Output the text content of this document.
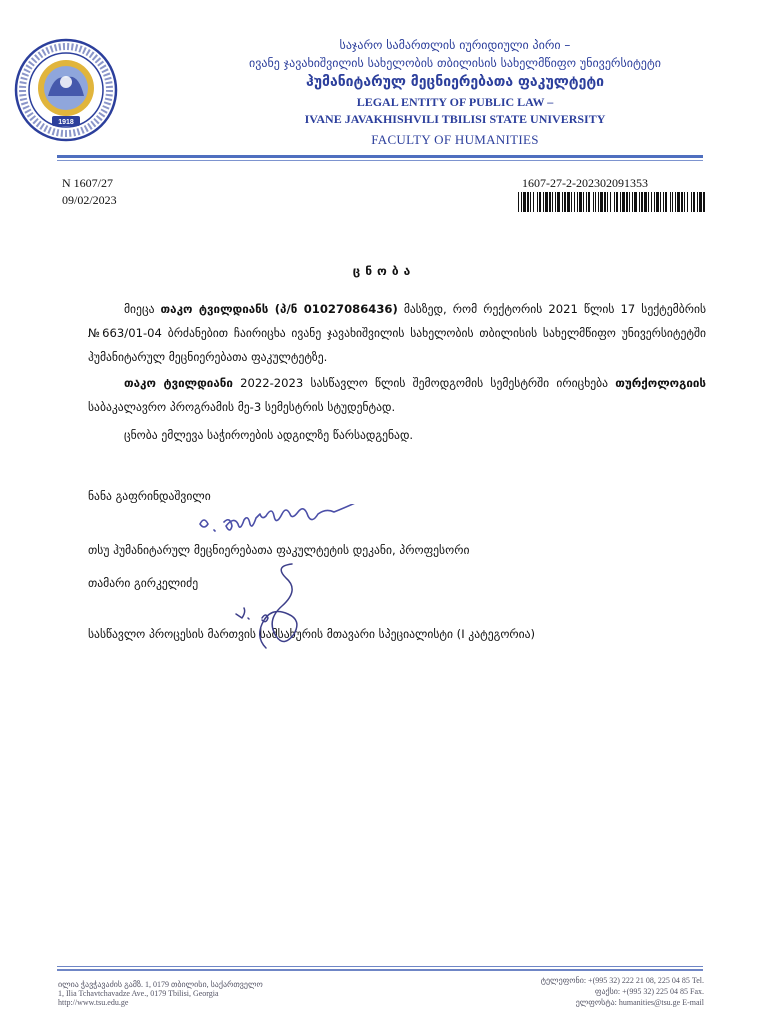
1918
საჯარო სამართლის იურიდიული პირი –
ივანე ჯავახიშვილის სახელობის თბილისის სახელმწიფო უნივერსიტეტი
ჰუმანიტარულ მეცნიერებათა ფაკულტეტი
LEGAL ENTITY OF PUBLIC LAW –
IVANE JAVAKHISHVILI TBILISI STATE UNIVERSITY
FACULTY OF HUMANITIES
N 1607/27
09/02/2023
1607-27-2-202302091353
ცნობა
მიეცა თაკო ტვილდიანს (პ/ნ 01027086436) მასზედ, რომ რექტორის 2021 წლის 17 სექტემბრის №663/01-04 ბრძანებით ჩაირიცხა ივანე ჯავახიშვილის სახელობის თბილისის სახელმწიფო უნივერსიტეტში ჰუმანიტარულ მეცნიერებათა ფაკულტეტზე.
თაკო ტვილდიანი 2022-2023 სასწავლო წლის შემოდგომის სემესტრში ირიცხება თურქოლოგიის საბაკალავრო პროგრამის მე-3 სემესტრის სტუდენტად.
ცნობა ემლევა საჭიროების ადგილზე წარსადგენად.
ნანა გაფრინდაშვილი
თსუ ჰუმანიტარულ მეცნიერებათა ფაკულტეტის დეკანი, პროფესორი
თამარი გირკელიძე
სასწავლო პროცესის მართვის სამსახურის მთავარი სპეციალისტი (I კატეგორია)
ილია ჭავჭავაძის გამზ. 1, 0179 თბილისი, საქართველო
1, Ilia Tchavtchavadze Ave., 0179 Tbilisi, Georgia
http://www.tsu.edu.ge
ტელეფონი: +(995 32) 222 21 08, 225 04 85 Tel.
ფაქსი: +(995 32) 225 04 85 Fax.
ელფოსტა: humanities@tsu.ge E-mail
